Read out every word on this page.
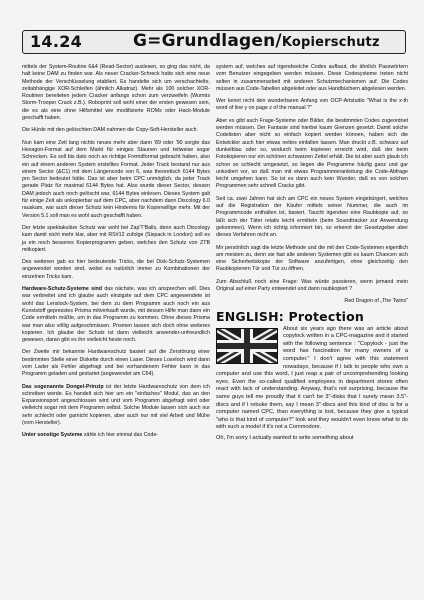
14.24	G=Grundlagen/Kopierschutz

mittels der System-Routine 6&4 (Read-Sector) auslesen, so ging das nicht, da halt keine DAM zu finden war. Als neuer Cracker-Schreck hatte sich eine neue Methode der Verschlüsselung etabliert. Es handelte sich um verschachtelte, zeitabhängige XOR-Schleifen (ähnlich Alkatraz). Mehr als 100 solcher XOR-Routinen bereiteten jedem Cracker anfangs schon zum verzweifeln (Wurmis Storm-Trooper Crack z.B.). Roboprint soll wohl einer der ersten gewesen sein, die es als eine ohne Hilfsmittel wie modifizierte ROMs oder Hack-Module geschafft haben.

Die Hürde mit den gelöschten DAM nahmen die Copy-Soft-Hersteller auch.

Nun kam eine Zeit lang nichts neues mehr aber dann '89 oder '90 sorgte das Hexagon-Format auf dem Markt für einiges Staunen und teilweise sogar Schrecken. Es soll bis dato noch an richtige Fremdformat gebracht haben, also ein auf einem anderen System erstelltes Format. Jeder Track bestand nur aus einem Sector (&C1) mit dem Längencode von 6, was theoretisch 6144 Bytes pro Sector bedeutet hätte. Das ist aber beim CPC unmöglich, da jeder Track gerade Platz für maximal 6144 Bytes hat. Also wurde dieser Sector, dessen DAM jedoch auch noch gelöscht war, 6144 Bytes einlesen. Dieses System galt für einige Zeit als unkopierbar auf dem CPC, aber nachdem dann Discology 6.0 rauskam, war auch dieser Schutz kein Hindernis für Kopierwillige mehr. Mit der Version 5.1 soll man es wohl auch geschafft haben.

Der letzte spektakuläre Schutz war wohl bei Zap'T'Balls, denn auch Discology kam damit nicht mehr klar, aber mit RS#12 zufolge (Sixpack in London) soll es ja ein noch besseres Kopierprogramm geben, welches den Schutz von ZTB mitkopiert.

Des weiteren gab es hier bedeutende Tricks, die bei Disk-Schutz-Systemen angewendet worden sind, wobei es natürlich immer zu Kombinationen der einzelnen Tricks kam.

Hardware-Schutz-Systeme sind das nächste, was ich ansprechen will. Dies war verbreitet und ich glaube auch einzigste auf dem CPC angewendete ist wohl das Lenslock-System, bei dem zu dem Programm auch noch ein aus Kunststoff gepresstes Prisma mitverkauft wurde, mit dessen Hilfe man dann ein Code ermitteln müßte, um in das Programm zu kommen. Ohne dieses Prisma war man also völlig aufgeschmissen. Prismen lassen sich doch ohne weiteres kopieren. Ich glaube der Schutz ist dann vielleicht anwender-unfreundlich gewesen, daran gibt es ihn vielleicht heute noch.

Der Zweite mir bekannte Hardwareschutz basiert auf die Zerstörung einer bestimmten Stelle einer Diskette durch einen Laser. Dieses Loseloch wird dann vom Lader als Fehler abgefragt und bei vorhandenem Fehler kann in das Programm geladen und gestartet (angewendet am C64).

Das sogenannte Dongel-Prinzip ist der letzte Hardwareschutz von dem ich schreiben werde. Es handelt sich hier um ein "einfaches" Modul, das an den Expansionsport angeschlossen wird und vom Programm abgefragt wird oder vielleicht sogar mit dem Programm selbst. Solche Module lassen sich auch nur sehr schlecht oder garnicht kopieren, aber auch nur mit viel Arbeit und Mühe (vom Hersteller).

Unter sonstige Systeme zähle ich hier einmal das Code-

system auf, welches auf irgendwelche Codes aufbaut, die ähnlich Passwörtern vom Benutzer eingegeben werden müssen. Diese Codesysteme treten nicht selten in zusammenarbeit mit anderen Schutzmechanismen auf. Die Codes müssen aus Code-Tabellen abgeleitet oder aus Handbüchern abgelesen werden.

Wer kennt nicht den wunderbaren Anfang von OCP-Artstudio "What is the x-th word of line y on page z of the manual ?"

Aber es gibt auch Frage-Systeme oder Bilder, die bestimmten Codes zugeordnet werden müssen. Der Fantasie sind hierbei kaum Grenzen gesetzt. Damit solche Codelisten aber nicht so einfach kopiert werden können, haben sich die Entwickler auch hier etwas nettes einfallen lassen. Man druckt z.B. schwarz auf dunkelblau oder so, wodurch beim kopieren erreicht wird, daß der beim Fotokopieren nur ein schönen schwarzen Zettel erhält. Die ist aber auch glaub ich schon so schlecht umgesetzt, so liegen die Programme häufig ganz und gar unkodiert vor, so daß man mit etwas Programmieranleitung die Code-Abfrage leicht umgehen kann. So ist es dann auch kein Wunder, daß es von solchen Programmen sehr schnell Cracks gibt.

Seit ca. zwei Jahren hat sich am CPC ein neues System eingebürgert, welches auf die Registration der Käufer mittels seiner Nummer, die auch im Programmcode enthalten ist, basiert. Taucht irgendwo eine Raubkopie auf, so läßt sich der Täter relativ leicht ermitteln (beim Soundtracker zur Anwendung gekommen). Wenn ich richtig informiert bin, so erkennt der Gesetzgeber aber dieses Verfahren nicht an.

Mir persönlich sagt die letzte Methode und die mit den Code-Systemen eigentlich am meisten zu, denn sie fast alle anderen Systemen gibt es kaum Chancen sich eine Sicherheitskopie der Software anzufertigen, ohne gleichzeitig den Raubkopierern Tür und Tür zu öffnen.

Zum Abschluß noch eine Frage: Was würde passieren, wenn jemand mein Original auf einer Party entwendet und dann raubkopiert ?

Red Dragon of „The Twins"
ENGLISH: Protection
About six years ago there was an article about copylock written in a CPC-magazine and it started with the following sentence : "Copylock - just the word has fascination for many owners of a computer." I don't agree with this statement nowadays, because if I talk to people who own a computer and use this word, I just reap a pair of uncomprehending looking eyes. Even the so-called qualified employees in department stores often react with lack of understanding. Anyway, that's not surprising, because the same guys tell me proudly that it can't be 3"-disks that I surely mean 3.5"-discs and if I rebuke them, say I mean 3"-discs and this kind of disc is for a computer named CPC, than everything is lost, because they give a typical "who is that kind of computer?" look and they wouldn't even know what to do with such a model if it's not a Commodore.
Oh, I'm sorry I actually wanted to write something about
